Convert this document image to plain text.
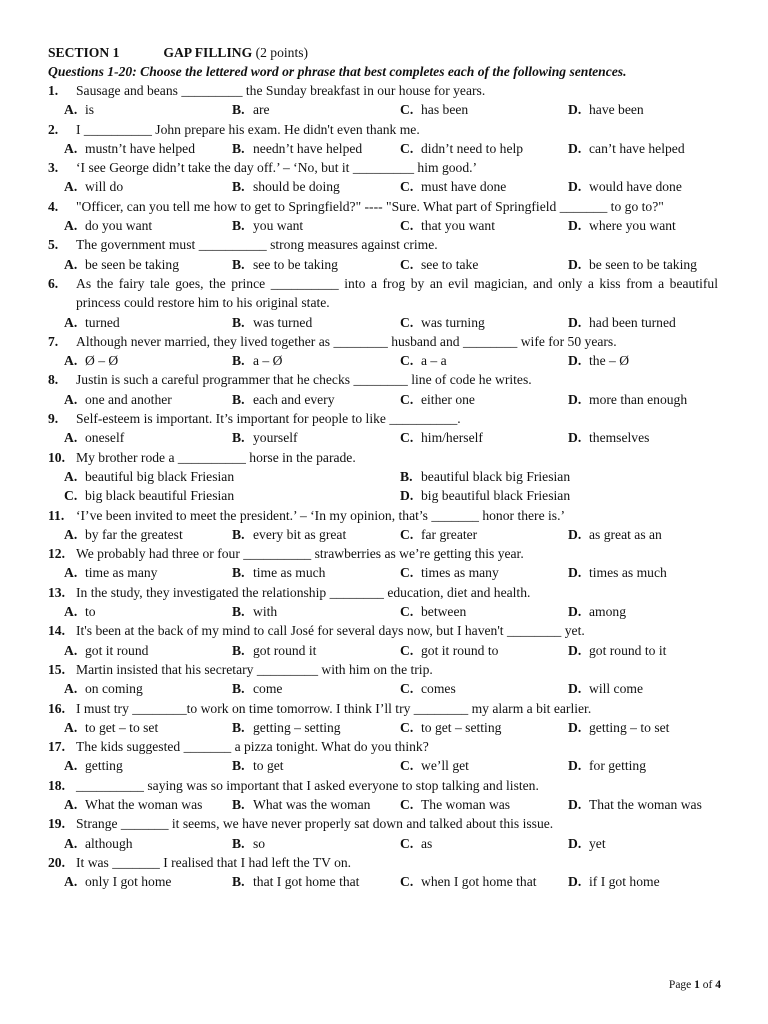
SECTION 1	GAP FILLING (2 points)
Questions 1-20: Choose the lettered word or phrase that best completes each of the following sentences.
1. Sausage and beans _________ the Sunday breakfast in our house for years.
A. is	B. are	C. has been	D. have been
2. I __________ John prepare his exam. He didn't even thank me.
A. mustn’t have helped	B. needn’t have helped	C. didn’t need to help	D. can’t have helped
3. ‘I see George didn’t take the day off.’ – ‘No, but it _________ him good.’
A. will do	B. should be doing	C. must have done	D. would have done
4. "Officer, can you tell me how to get to Springfield?" ---- "Sure. What part of Springfield _______ to go to?"
A. do you want	B. you want	C. that you want	D. where you want
5. The government must __________ strong measures against crime.
A. be seen be taking	B. see to be taking	C. see to take	D. be seen to be taking
6. As the fairy tale goes, the prince __________ into a frog by an evil magician, and only a kiss from a beautiful princess could restore him to his original state.
A. turned	B. was turned	C. was turning	D. had been turned
7. Although never married, they lived together as ________ husband and ________ wife for 50 years.
A. Ø – Ø	B. a – Ø	C. a – a	D. the – Ø
8. Justin is such a careful programmer that he checks ________ line of code he writes.
A. one and another	B. each and every	C. either one	D. more than enough
9. Self-esteem is important. It’s important for people to like __________.
A. oneself	B. yourself	C. him/herself	D. themselves
10. My brother rode a __________ horse in the parade.
A. beautiful big black Friesian	B. beautiful black big Friesian
C. big black beautiful Friesian	D. big beautiful black Friesian
11. ‘I’ve been invited to meet the president.’ – ‘In my opinion, that’s _______ honor there is.’
A. by far the greatest	B. every bit as great	C. far greater	D. as great as an
12. We probably had three or four __________ strawberries as we’re getting this year.
A. time as many	B. time as much	C. times as many	D. times as much
13. In the study, they investigated the relationship ________ education, diet and health.
A. to	B. with	C. between	D. among
14. It's been at the back of my mind to call José for several days now, but I haven't ________ yet.
A. got it round	B. got round it	C. got it round to	D. got round to it
15. Martin insisted that his secretary _________ with him on the trip.
A. on coming	B. come	C. comes	D. will come
16. I must try ________to work on time tomorrow. I think I’ll try ________ my alarm a bit earlier.
A. to get – to set	B. getting – setting	C. to get – setting	D. getting – to set
17. The kids suggested _______ a pizza tonight. What do you think?
A. getting	B. to get	C. we’ll get	D. for getting
18. __________ saying was so important that I asked everyone to stop talking and listen.
A. What the woman was	B. What was the woman	C. The woman was	D. That the woman was
19. Strange _______ it seems, we have never properly sat down and talked about this issue.
A. although	B. so	C. as	D. yet
20. It was _______ I realised that I had left the TV on.
A. only I got home	B. that I got home that	C. when I got home that	D. if I got home
Page 1 of 4
